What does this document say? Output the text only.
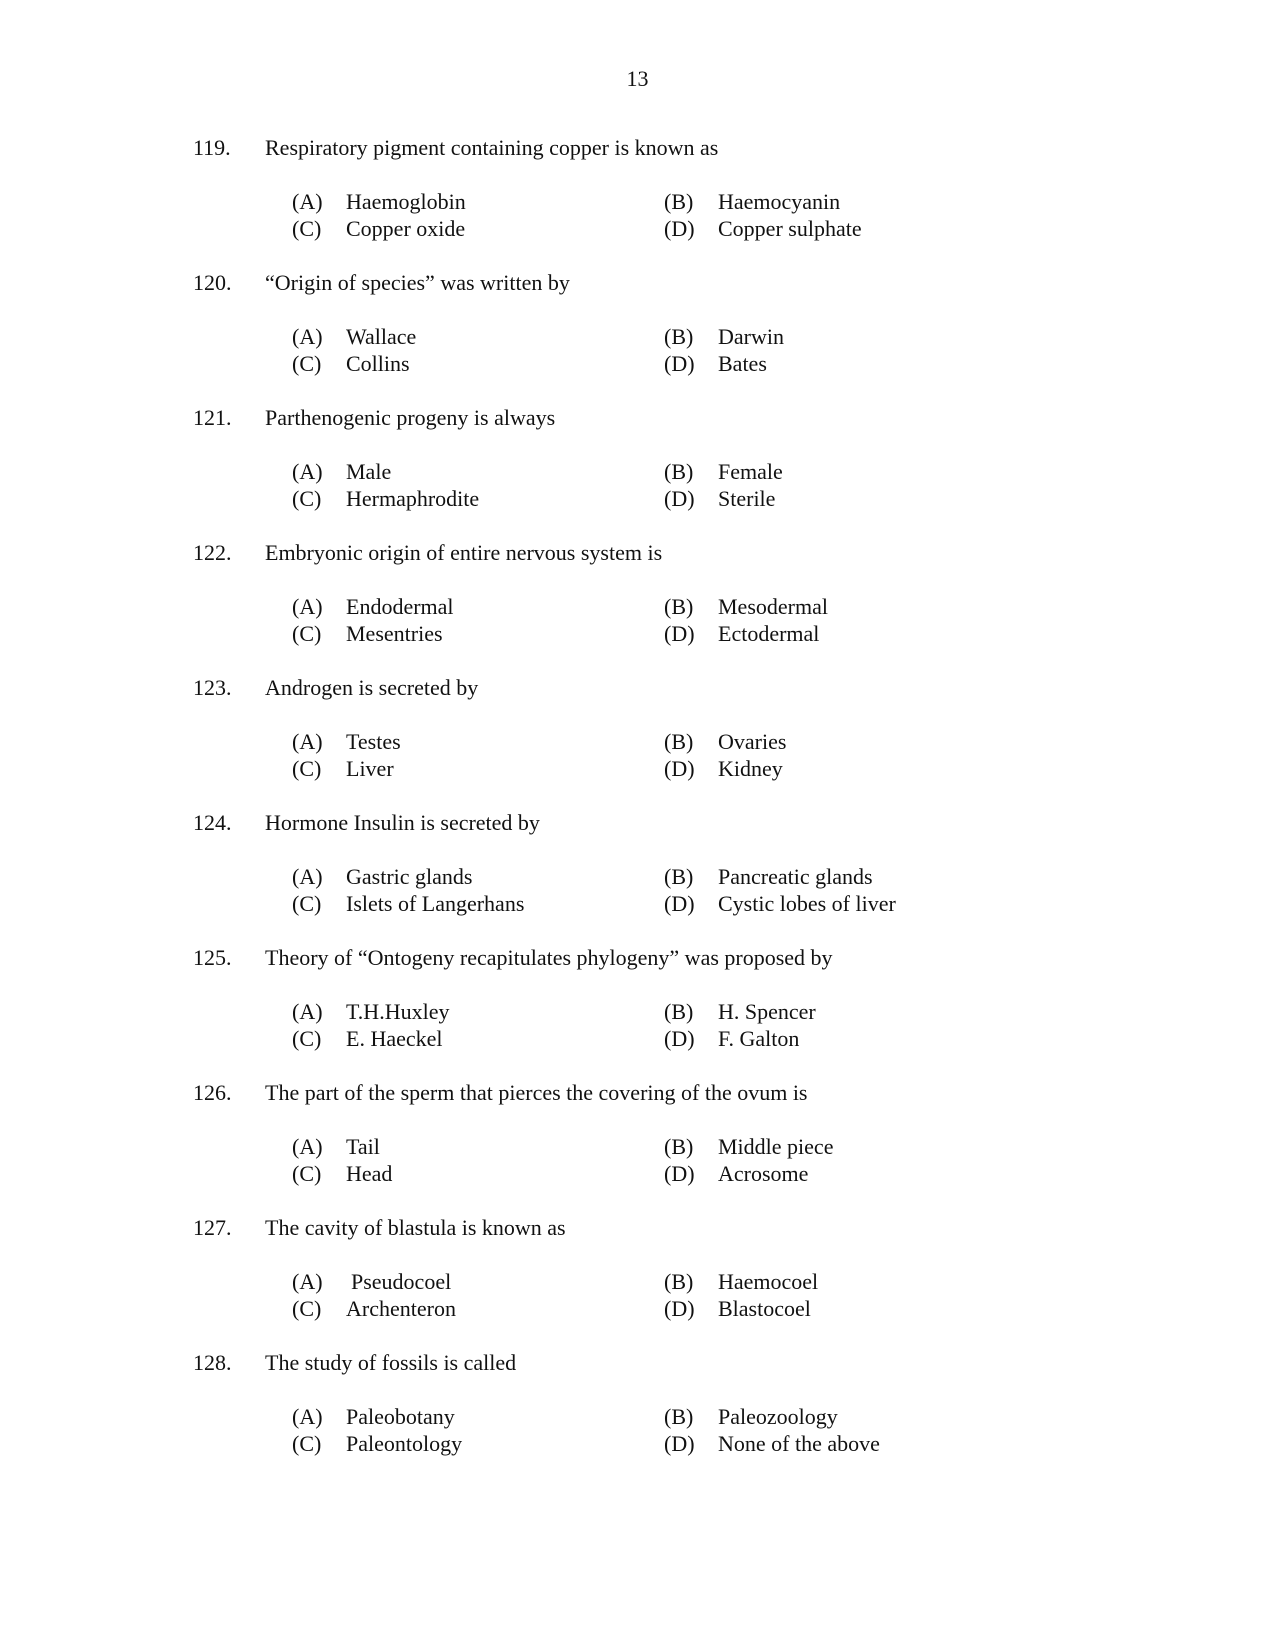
13
119. Respiratory pigment containing copper is known as
(A) Haemoglobin	(B) Haemocyanin
(C) Copper oxide	(D) Copper sulphate
120. “Origin of species” was written by
(A) Wallace	(B) Darwin
(C) Collins	(D) Bates
121. Parthenogenic progeny is always
(A) Male	(B) Female
(C) Hermaphrodite	(D) Sterile
122. Embryonic origin of entire nervous system is
(A) Endodermal	(B) Mesodermal
(C) Mesentries	(D) Ectodermal
123. Androgen is secreted by
(A) Testes	(B) Ovaries
(C) Liver	(D) Kidney
124. Hormone Insulin is secreted by
(A) Gastric glands	(B) Pancreatic glands
(C) Islets of Langerhans	(D) Cystic lobes of liver
125. Theory of “Ontogeny recapitulates phylogeny” was proposed by
(A) T.H.Huxley	(B) H. Spencer
(C) E. Haeckel	(D) F. Galton
126. The part of the sperm that pierces the covering of the ovum is
(A) Tail	(B) Middle piece
(C) Head	(D) Acrosome
127. The cavity of blastula is known as
(A) Pseudocoel	(B) Haemocoel
(C) Archenteron	(D) Blastocoel
128. The study of fossils is called
(A) Paleobotany	(B) Paleozoology
(C) Paleontology	(D) None of the above
